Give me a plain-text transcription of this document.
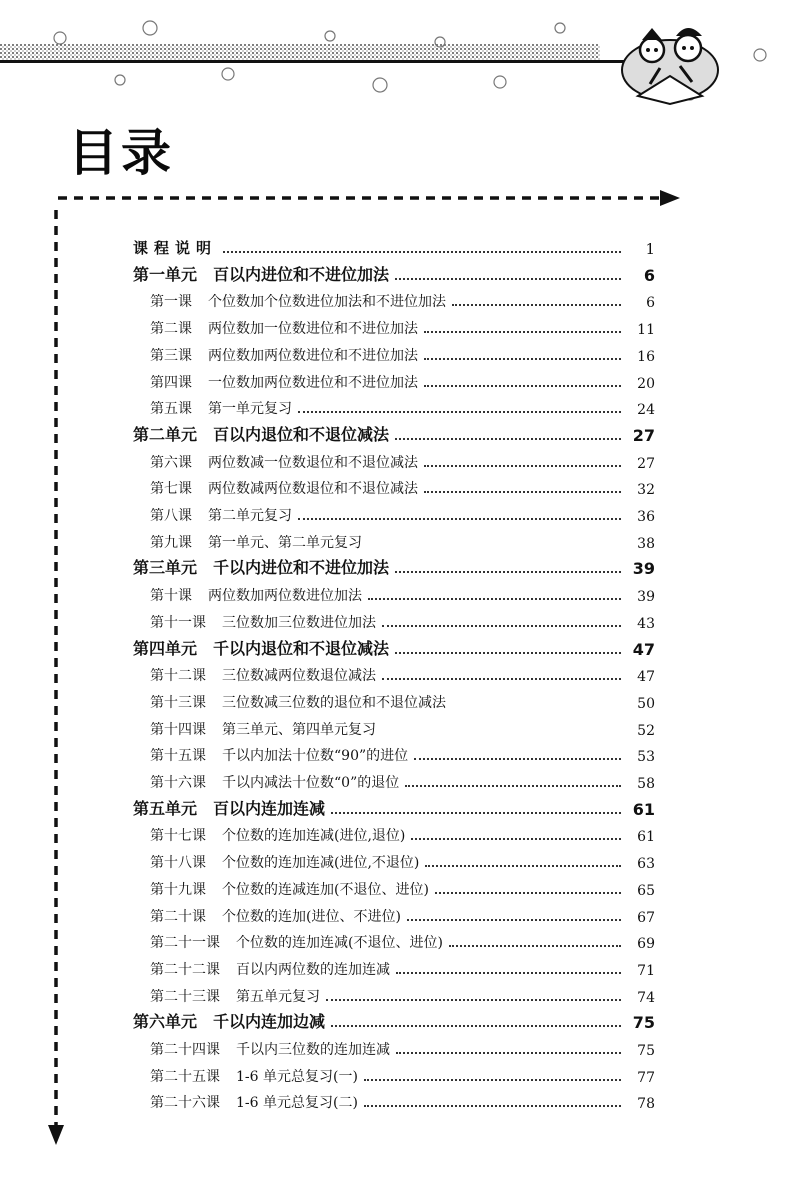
目录
课程说明	1
第一单元 百以内进位和不进位加法	6
第一课 个位数加个位数进位加法和不进位加法	6
第二课 两位数加一位数进位和不进位加法	11
第三课 两位数加两位数进位和不进位加法	16
第四课 一位数加两位数进位和不进位加法	20
第五课 第一单元复习	24
第二单元 百以内退位和不退位减法	27
第六课 两位数减一位数退位和不退位减法	27
第七课 两位数减两位数退位和不退位减法	32
第八课 第二单元复习	36
第九课 第一单元、第二单元复习	38
第三单元 千以内进位和不进位加法	39
第十课 两位数加两位数进位加法	39
第十一课 三位数加三位数进位加法	43
第四单元 千以内退位和不退位减法	47
第十二课 三位数减两位数退位减法	47
第十三课 三位数减三位数的退位和不退位减法	50
第十四课 第三单元、第四单元复习	52
第十五课 千以内加法十位数“90”的进位	53
第十六课 千以内减法十位数“0”的退位	58
第五单元 百以内连加连减	61
第十七课 个位数的连加连减(进位,退位)	61
第十八课 个位数的连加连减(进位,不退位)	63
第十九课 个位数的连减连加(不退位、进位)	65
第二十课 个位数的连加(进位、不进位)	67
第二十一课 个位数的连加连减(不退位、进位)	69
第二十二课 百以内两位数的连加连减	71
第二十三课 第五单元复习	74
第六单元 千以内连加边减	75
第二十四课 千以内三位数的连加连减	75
第二十五课 1-6 单元总复习(一)	77
第二十六课 1-6 单元总复习(二)	78
